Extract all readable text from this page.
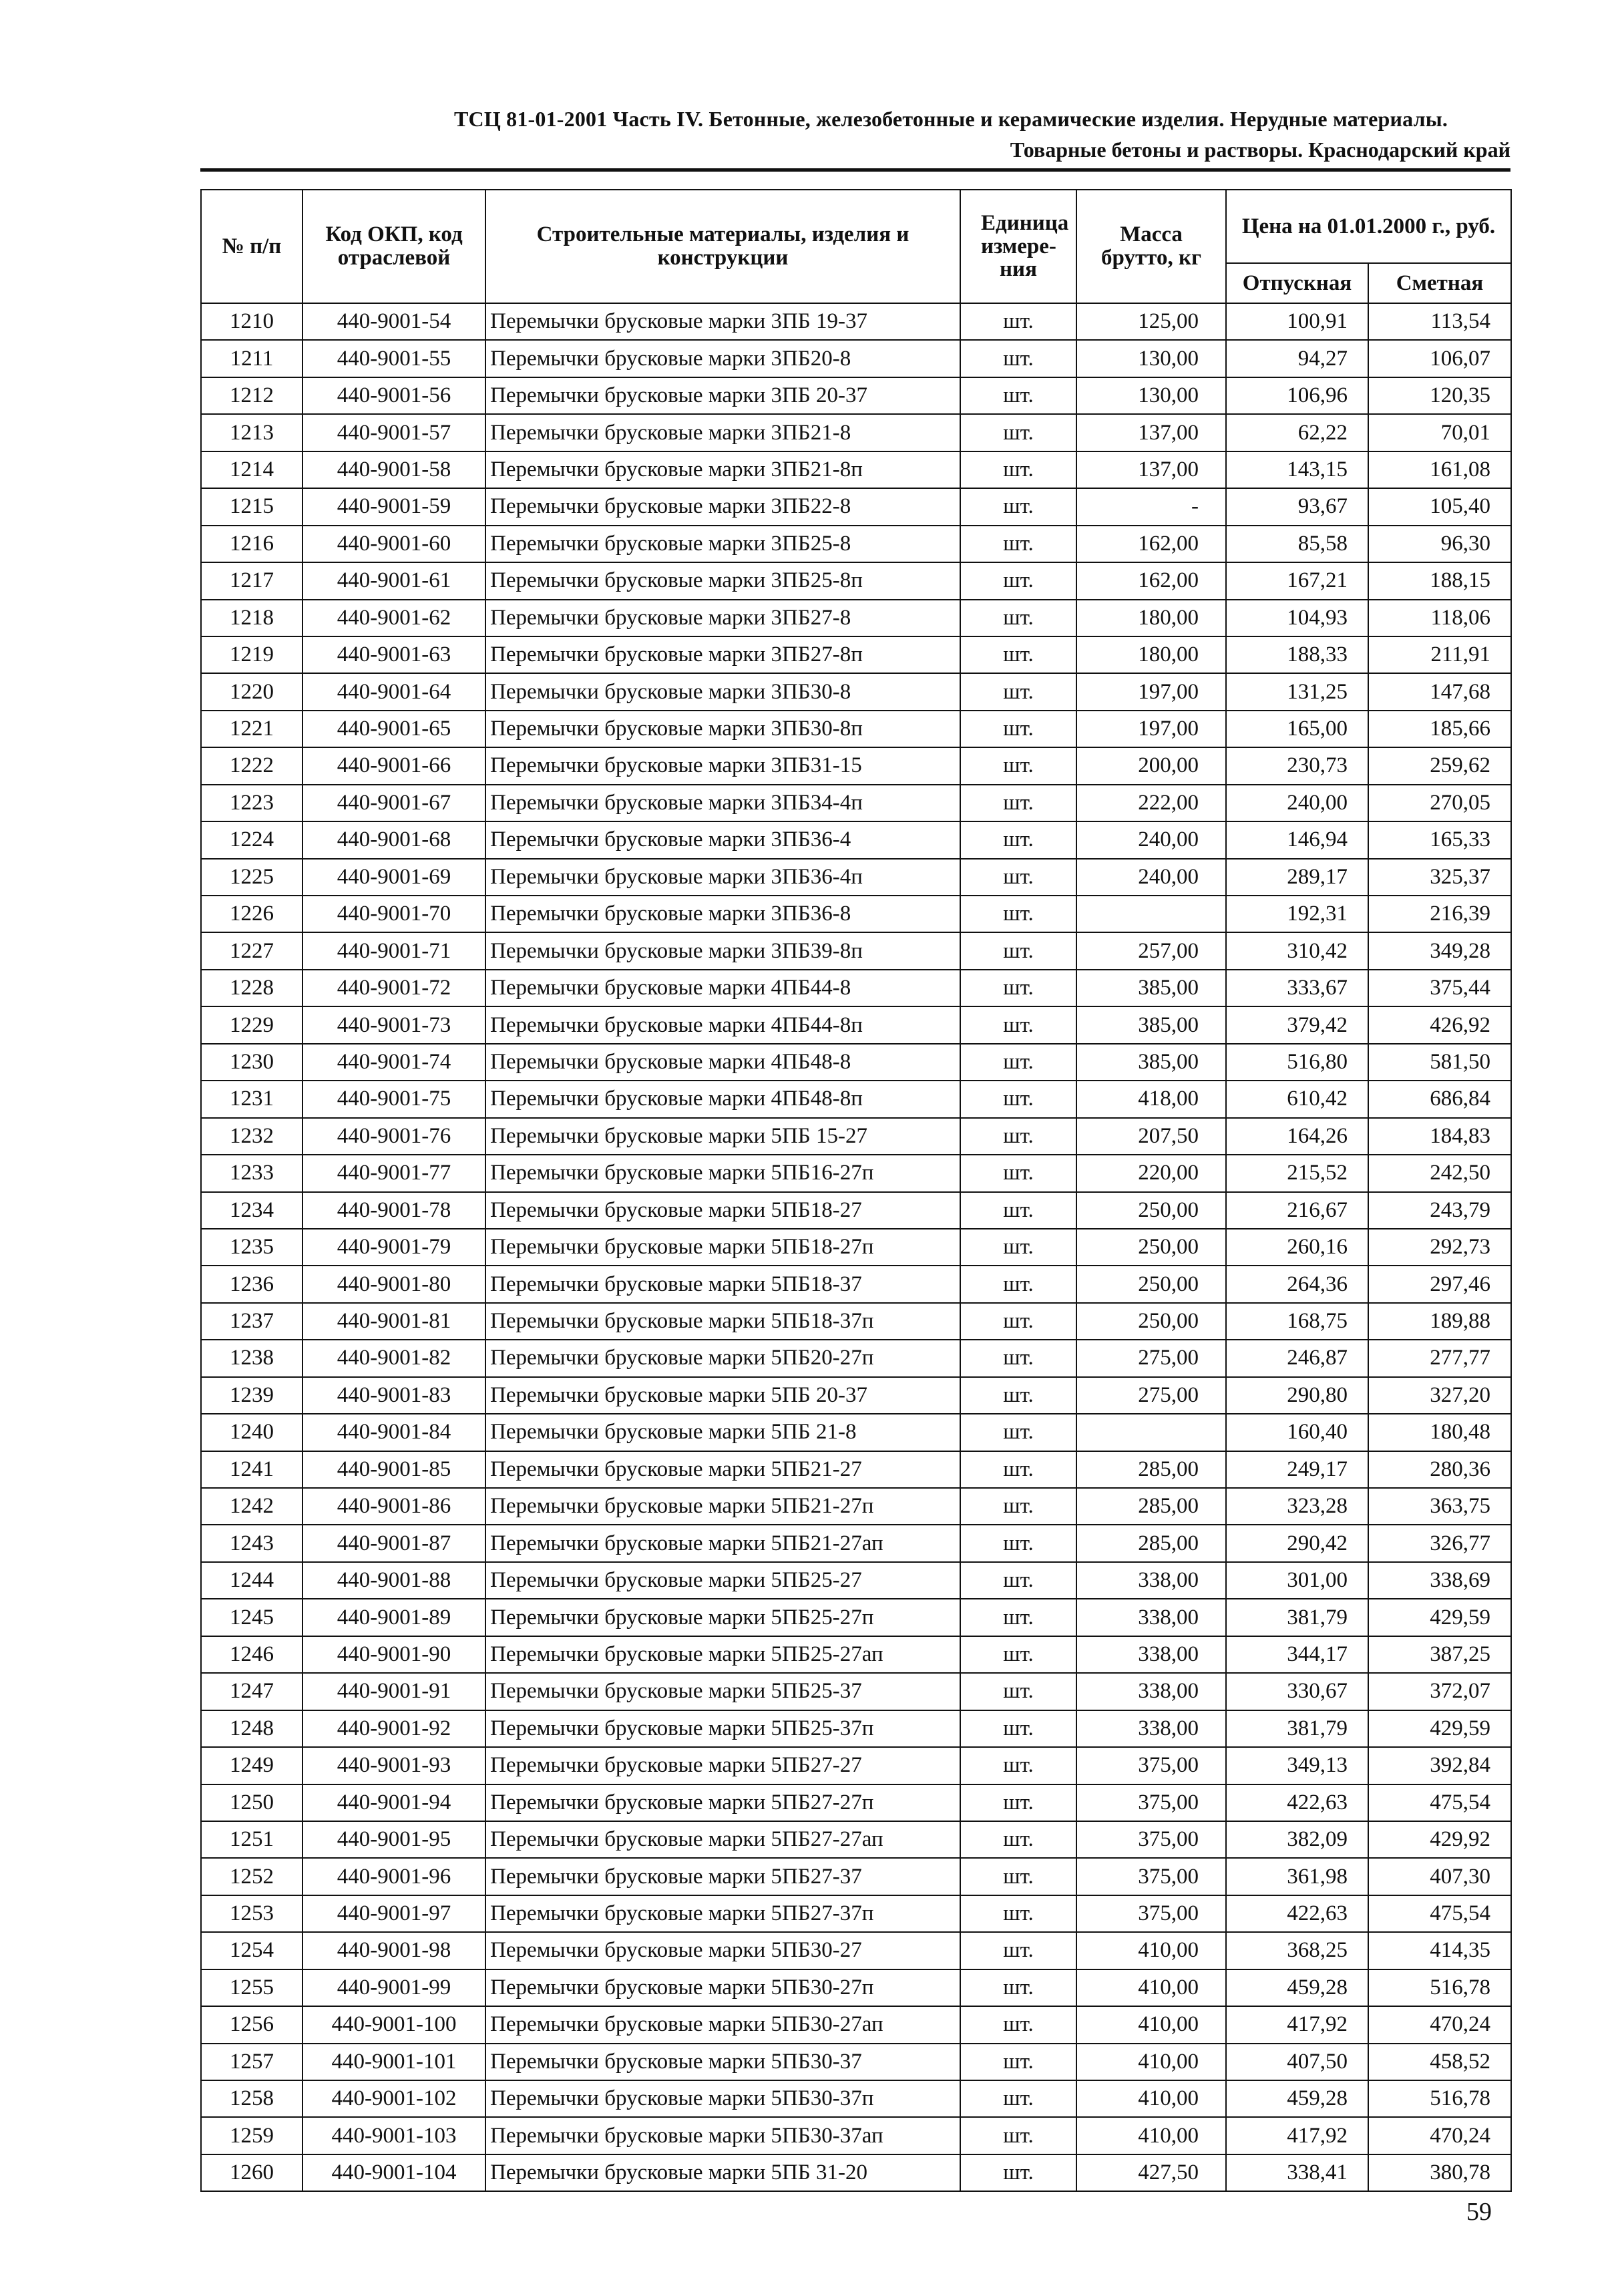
ТСЦ 81-01-2001 Часть IV. Бетонные, железобетонные и керамические изделия. Нерудные материалы.
Товарные бетоны и растворы. Краснодарский край
№ п/п	Код ОКП, код отраслевой	Строительные материалы, изделия и конструкции	Единица измере-ния	Масса брутто, кг	Цена на 01.01.2000 г., руб.	
					Отпускная	Сметная
1210	440-9001-54	Перемычки брусковые марки 3ПБ 19-37	шт.	125,00	100,91	113,54
1211	440-9001-55	Перемычки брусковые марки 3ПБ20-8	шт.	130,00	94,27	106,07
1212	440-9001-56	Перемычки брусковые марки 3ПБ 20-37	шт.	130,00	106,96	120,35
1213	440-9001-57	Перемычки брусковые марки 3ПБ21-8	шт.	137,00	62,22	70,01
1214	440-9001-58	Перемычки брусковые марки 3ПБ21-8п	шт.	137,00	143,15	161,08
1215	440-9001-59	Перемычки брусковые марки 3ПБ22-8	шт.	-	93,67	105,40
1216	440-9001-60	Перемычки брусковые марки 3ПБ25-8	шт.	162,00	85,58	96,30
1217	440-9001-61	Перемычки брусковые марки 3ПБ25-8п	шт.	162,00	167,21	188,15
1218	440-9001-62	Перемычки брусковые марки 3ПБ27-8	шт.	180,00	104,93	118,06
1219	440-9001-63	Перемычки брусковые марки 3ПБ27-8п	шт.	180,00	188,33	211,91
1220	440-9001-64	Перемычки брусковые марки 3ПБ30-8	шт.	197,00	131,25	147,68
1221	440-9001-65	Перемычки брусковые марки 3ПБ30-8п	шт.	197,00	165,00	185,66
1222	440-9001-66	Перемычки брусковые марки 3ПБ31-15	шт.	200,00	230,73	259,62
1223	440-9001-67	Перемычки брусковые марки 3ПБ34-4п	шт.	222,00	240,00	270,05
1224	440-9001-68	Перемычки брусковые марки 3ПБ36-4	шт.	240,00	146,94	165,33
1225	440-9001-69	Перемычки брусковые марки 3ПБ36-4п	шт.	240,00	289,17	325,37
1226	440-9001-70	Перемычки брусковые марки 3ПБ36-8	шт.		192,31	216,39
1227	440-9001-71	Перемычки брусковые марки 3ПБ39-8п	шт.	257,00	310,42	349,28
1228	440-9001-72	Перемычки брусковые марки 4ПБ44-8	шт.	385,00	333,67	375,44
1229	440-9001-73	Перемычки брусковые марки 4ПБ44-8п	шт.	385,00	379,42	426,92
1230	440-9001-74	Перемычки брусковые марки 4ПБ48-8	шт.	385,00	516,80	581,50
1231	440-9001-75	Перемычки брусковые марки 4ПБ48-8п	шт.	418,00	610,42	686,84
1232	440-9001-76	Перемычки брусковые марки 5ПБ 15-27	шт.	207,50	164,26	184,83
1233	440-9001-77	Перемычки брусковые марки 5ПБ16-27п	шт.	220,00	215,52	242,50
1234	440-9001-78	Перемычки брусковые марки 5ПБ18-27	шт.	250,00	216,67	243,79
1235	440-9001-79	Перемычки брусковые марки 5ПБ18-27п	шт.	250,00	260,16	292,73
1236	440-9001-80	Перемычки брусковые марки 5ПБ18-37	шт.	250,00	264,36	297,46
1237	440-9001-81	Перемычки брусковые марки 5ПБ18-37п	шт.	250,00	168,75	189,88
1238	440-9001-82	Перемычки брусковые марки 5ПБ20-27п	шт.	275,00	246,87	277,77
1239	440-9001-83	Перемычки брусковые марки 5ПБ 20-37	шт.	275,00	290,80	327,20
1240	440-9001-84	Перемычки брусковые марки 5ПБ 21-8	шт.		160,40	180,48
1241	440-9001-85	Перемычки брусковые марки 5ПБ21-27	шт.	285,00	249,17	280,36
1242	440-9001-86	Перемычки брусковые марки 5ПБ21-27п	шт.	285,00	323,28	363,75
1243	440-9001-87	Перемычки брусковые марки 5ПБ21-27ап	шт.	285,00	290,42	326,77
1244	440-9001-88	Перемычки брусковые марки 5ПБ25-27	шт.	338,00	301,00	338,69
1245	440-9001-89	Перемычки брусковые марки 5ПБ25-27п	шт.	338,00	381,79	429,59
1246	440-9001-90	Перемычки брусковые марки 5ПБ25-27ап	шт.	338,00	344,17	387,25
1247	440-9001-91	Перемычки брусковые марки 5ПБ25-37	шт.	338,00	330,67	372,07
1248	440-9001-92	Перемычки брусковые марки 5ПБ25-37п	шт.	338,00	381,79	429,59
1249	440-9001-93	Перемычки брусковые марки 5ПБ27-27	шт.	375,00	349,13	392,84
1250	440-9001-94	Перемычки брусковые марки 5ПБ27-27п	шт.	375,00	422,63	475,54
1251	440-9001-95	Перемычки брусковые марки 5ПБ27-27ап	шт.	375,00	382,09	429,92
1252	440-9001-96	Перемычки брусковые марки 5ПБ27-37	шт.	375,00	361,98	407,30
1253	440-9001-97	Перемычки брусковые марки 5ПБ27-37п	шт.	375,00	422,63	475,54
1254	440-9001-98	Перемычки брусковые марки 5ПБ30-27	шт.	410,00	368,25	414,35
1255	440-9001-99	Перемычки брусковые марки 5ПБ30-27п	шт.	410,00	459,28	516,78
1256	440-9001-100	Перемычки брусковые марки 5ПБ30-27ап	шт.	410,00	417,92	470,24
1257	440-9001-101	Перемычки брусковые марки 5ПБ30-37	шт.	410,00	407,50	458,52
1258	440-9001-102	Перемычки брусковые марки 5ПБ30-37п	шт.	410,00	459,28	516,78
1259	440-9001-103	Перемычки брусковые марки 5ПБ30-37ап	шт.	410,00	417,92	470,24
1260	440-9001-104	Перемычки брусковые марки 5ПБ 31-20	шт.	427,50	338,41	380,78
59
